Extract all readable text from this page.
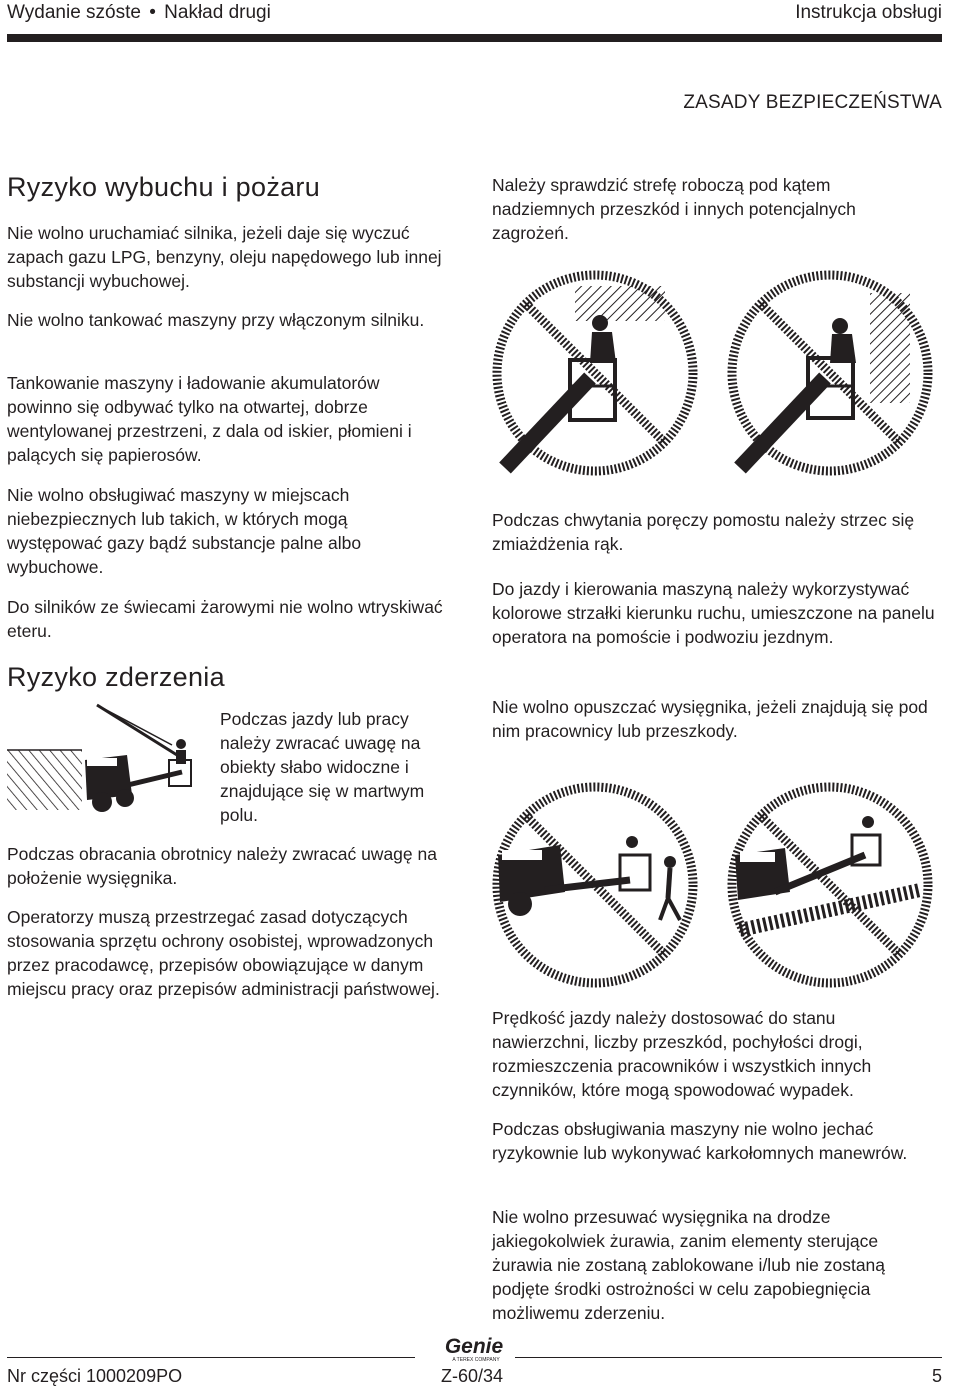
Wydanie szóste • Nakład drugi	Instrukcja obsługi
ZASADY BEZPIECZEŃSTWA
Ryzyko wybuchu i pożaru

Nie wolno uruchamiać silnika, jeżeli daje się wyczuć zapach gazu LPG, benzyny, oleju napędowego lub innej substancji wybuchowej.

Nie wolno tankować maszyny przy włączonym silniku.

Tankowanie maszyny i ładowanie akumulatorów powinno się odbywać tylko na otwartej, dobrze wentylowanej przestrzeni, z dala od iskier, płomieni i palących się papierosów.

Nie wolno obsługiwać maszyny w miejscach niebezpiecznych lub takich, w których mogą występować gazy bądź substancje palne albo wybuchowe.

Do silników ze świecami żarowymi nie wolno wtryskiwać eteru.

Ryzyko zderzenia

Podczas jazdy lub pracy należy zwracać uwagę na obiekty słabo widoczne i znajdujące się w martwym polu.

Podczas obracania obrotnicy należy zwracać uwagę na położenie wysięgnika.

Operatorzy muszą przestrzegać zasad dotyczących stosowania sprzętu ochrony osobistej, wprowadzonych przez pracodawcę, przepisów obowiązujące w danym miejscu pracy oraz przepisów administracji państwowej.

Należy sprawdzić strefę roboczą pod kątem nadziemnych przeszkód i innych potencjalnych zagrożeń.

Podczas chwytania poręczy pomostu należy strzec się zmiażdżenia rąk.

Do jazdy i kierowania maszyną należy wykorzystywać kolorowe strzałki kierunku ruchu, umieszczone na panelu operatora na pomoście i podwoziu jezdnym.

Nie wolno opuszczać wysięgnika, jeżeli znajdują się pod nim pracownicy lub przeszkody.

Prędkość jazdy należy dostosować do stanu nawierzchni, liczby przeszkód, pochyłości drogi, rozmieszczenia pracowników i wszystkich innych czynników, które mogą spowodować wypadek.

Podczas obsługiwania maszyny nie wolno jechać ryzykownie lub wykonywać karkołomnych manewrów.

Nie wolno przesuwać wysięgnika na drodze jakiegokolwiek żurawia, zanim elementy sterujące żurawia nie zostaną zablokowane i/lub nie zostaną podjęte środki ostrożności w celu zapobiegnięcia możliwemu zderzeniu.

Genie
A TEREX COMPANY
Nr części 1000209PO	Z-60/34	5
